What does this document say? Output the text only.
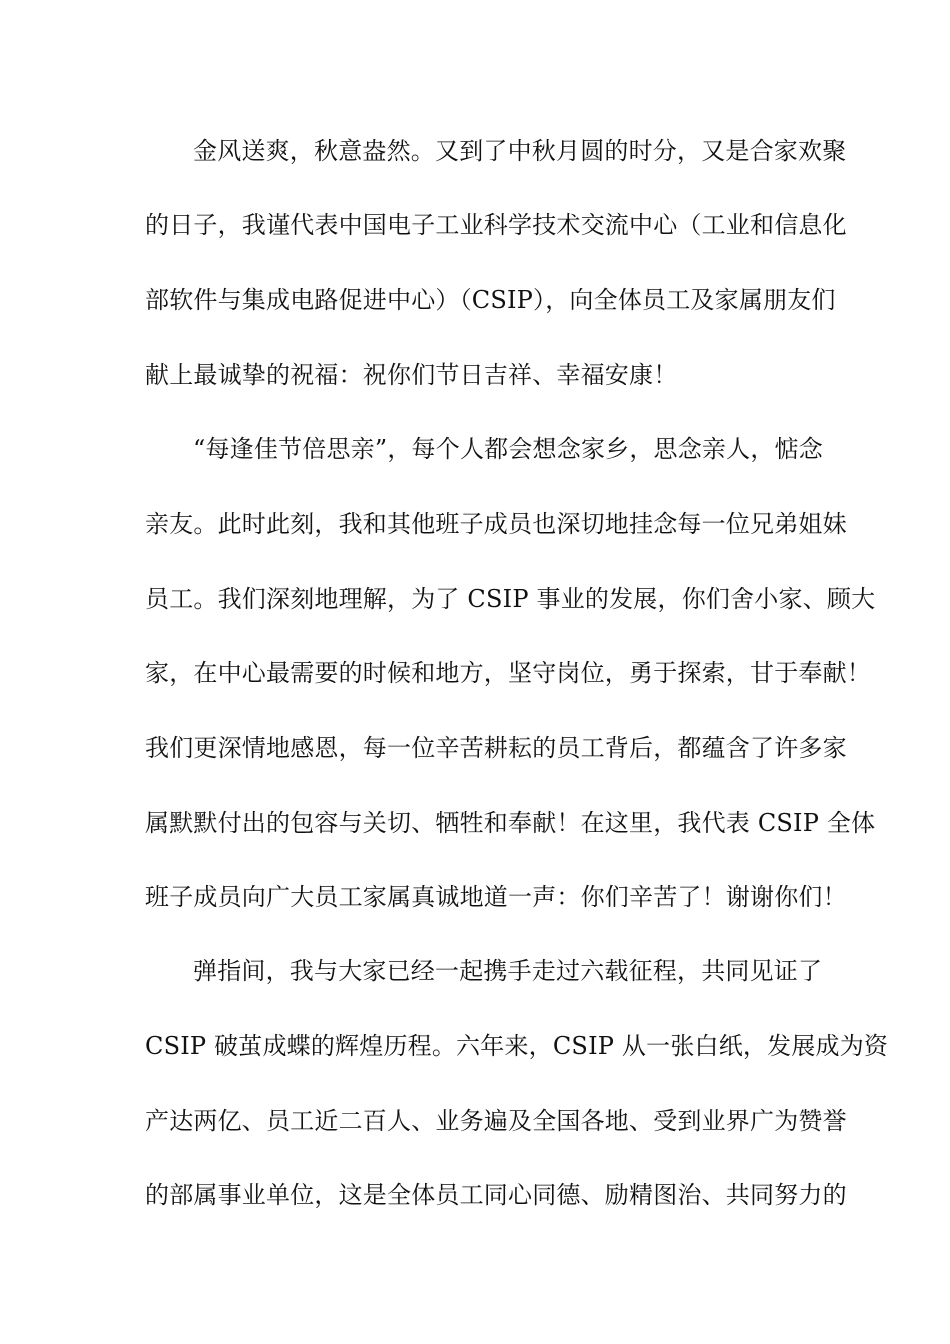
金风送爽，秋意盎然。又到了中秋月圆的时分，又是合家欢聚
的日子，我谨代表中国电子工业科学技术交流中心（工业和信息化
部软件与集成电路促进中心）（CSIP），向全体员工及家属朋友们
献上最诚挚的祝福：祝你们节日吉祥、幸福安康！
“每逢佳节倍思亲”，每个人都会想念家乡，思念亲人，惦念
亲友。此时此刻，我和其他班子成员也深切地挂念每一位兄弟姐妹
员工。我们深刻地理解，为了 CSIP 事业的发展，你们舍小家、顾大
家，在中心最需要的时候和地方，坚守岗位，勇于探索，甘于奉献！
我们更深情地感恩，每一位辛苦耕耘的员工背后，都蕴含了许多家
属默默付出的包容与关切、牺牲和奉献！在这里，我代表 CSIP 全体
班子成员向广大员工家属真诚地道一声：你们辛苦了！谢谢你们！
弹指间，我与大家已经一起携手走过六载征程，共同见证了
CSIP 破茧成蝶的辉煌历程。六年来，CSIP 从一张白纸，发展成为资
产达两亿、员工近二百人、业务遍及全国各地、受到业界广为赞誉
的部属事业单位，这是全体员工同心同德、励精图治、共同努力的
